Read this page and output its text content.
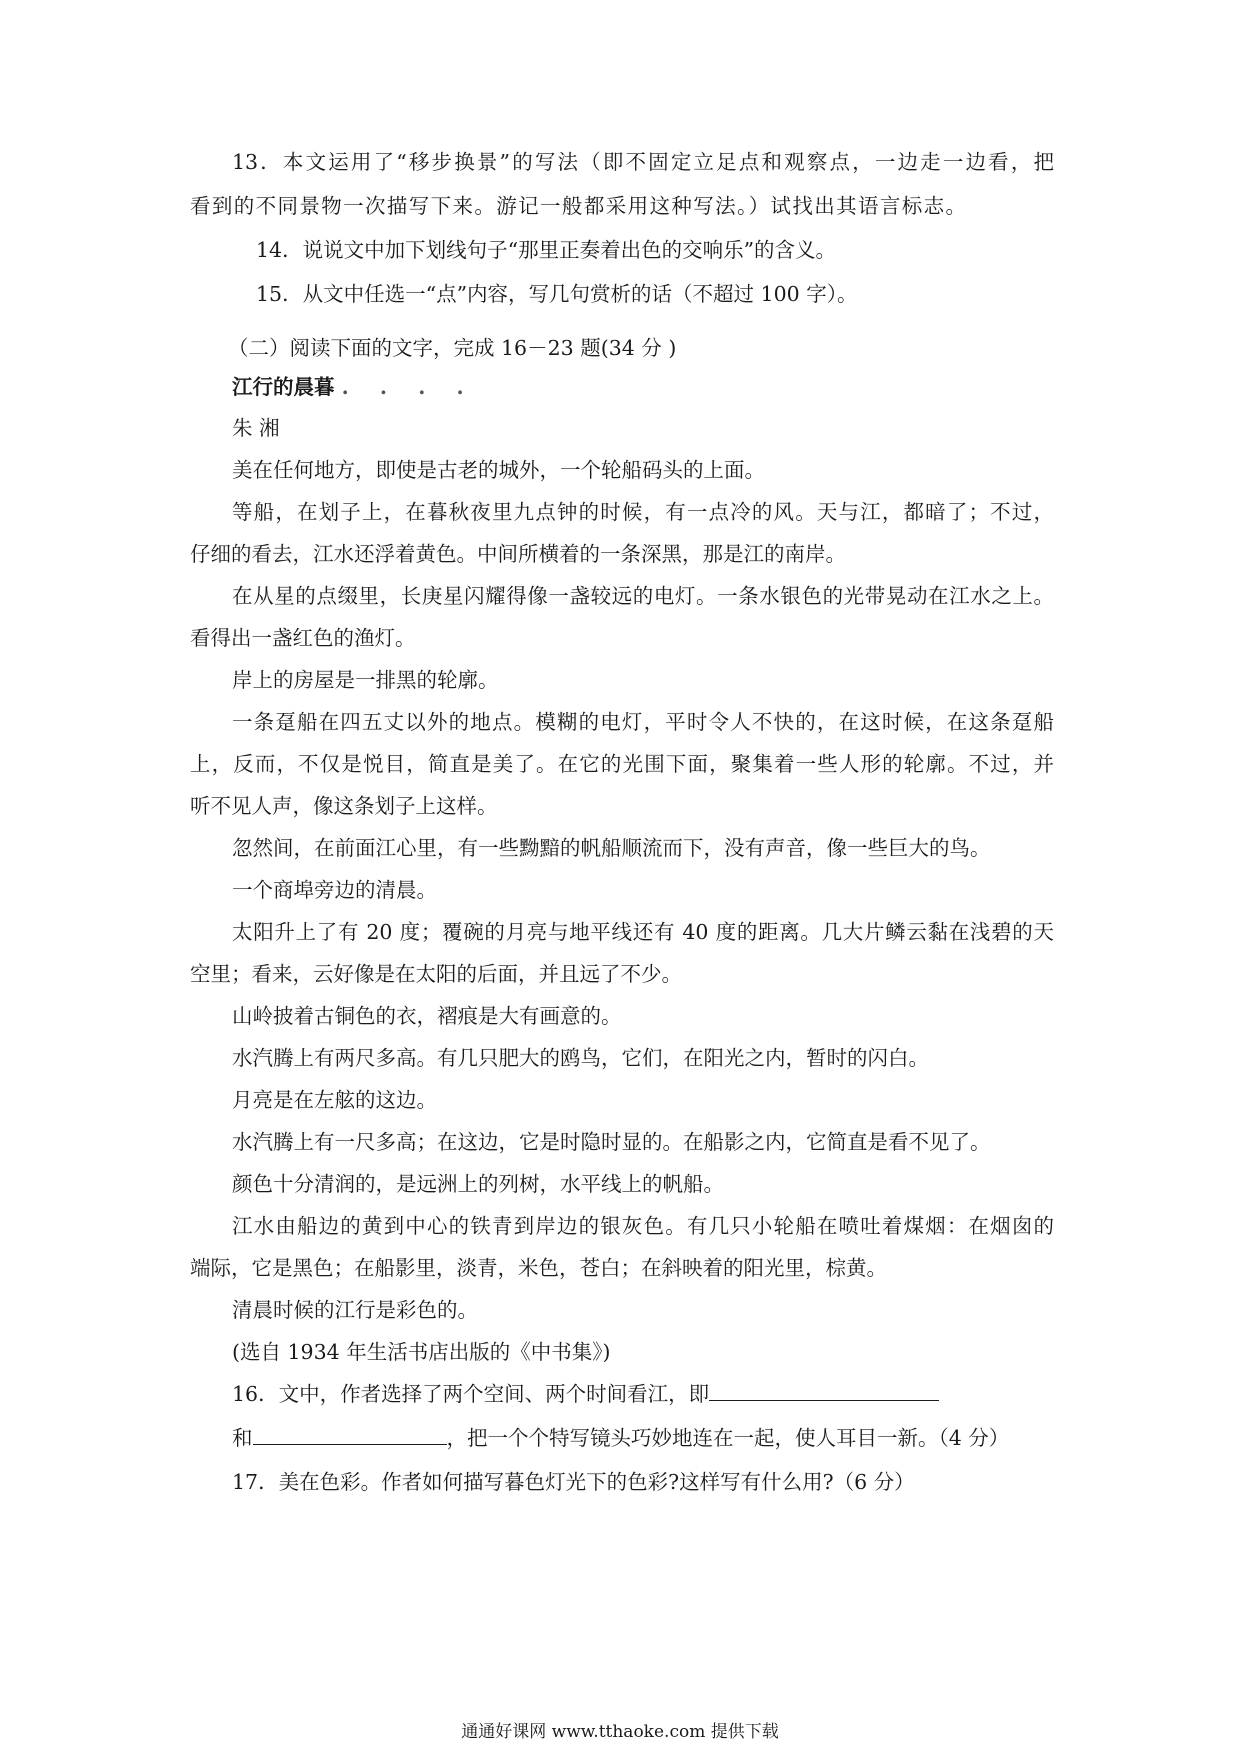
13．本文运用了“移步换景”的写法（即不固定立足点和观察点，一边走一边看，把
看到的不同景物一次描写下来。游记一般都采用这种写法。）试找出其语言标志。
14．说说文中加下划线句子“那里正奏着出色的交响乐”的含义。
15．从文中任选一“点”内容，写几句赏析的话（不超过 100 字）。
（二）阅读下面的文字，完成 16－23 题(34 分 )
江行的晨暮 . . . .
朱 湘
美在任何地方，即使是古老的城外，一个轮船码头的上面。
等船，在划子上，在暮秋夜里九点钟的时候，有一点冷的风。天与江，都暗了；不过，
仔细的看去，江水还浮着黄色。中间所横着的一条深黑，那是江的南岸。
在从星的点缀里，长庚星闪耀得像一盏较远的电灯。一条水银色的光带晃动在江水之上。
看得出一盏红色的渔灯。
岸上的房屋是一排黑的轮廓。
一条趸船在四五丈以外的地点。模糊的电灯，平时令人不快的，在这时候，在这条趸船
上，反而，不仅是悦目，简直是美了。在它的光围下面，聚集着一些人形的轮廓。不过，并
听不见人声，像这条划子上这样。
忽然间，在前面江心里，有一些黝黯的帆船顺流而下，没有声音，像一些巨大的鸟。
一个商埠旁边的清晨。
太阳升上了有 20 度；覆碗的月亮与地平线还有 40 度的距离。几大片鳞云黏在浅碧的天
空里；看来，云好像是在太阳的后面，并且远了不少。
山岭披着古铜色的衣，褶痕是大有画意的。
水汽腾上有两尺多高。有几只肥大的鸥鸟，它们，在阳光之内，暂时的闪白。
月亮是在左舷的这边。
水汽腾上有一尺多高；在这边，它是时隐时显的。在船影之内，它简直是看不见了。
颜色十分清润的，是远洲上的列树，水平线上的帆船。
江水由船边的黄到中心的铁青到岸边的银灰色。有几只小轮船在喷吐着煤烟：在烟囱的
端际，它是黑色；在船影里，淡青，米色，苍白；在斜映着的阳光里，棕黄。
清晨时候的江行是彩色的。
(选自 1934 年生活书店出版的《中书集》)
16．文中，作者选择了两个空间、两个时间看江，即
和	，把一个个特写镜头巧妙地连在一起，使人耳目一新。（4 分）
17．美在色彩。作者如何描写暮色灯光下的色彩?这样写有什么用?（6 分）
通通好课网 www.tthaoke.com 提供下载
